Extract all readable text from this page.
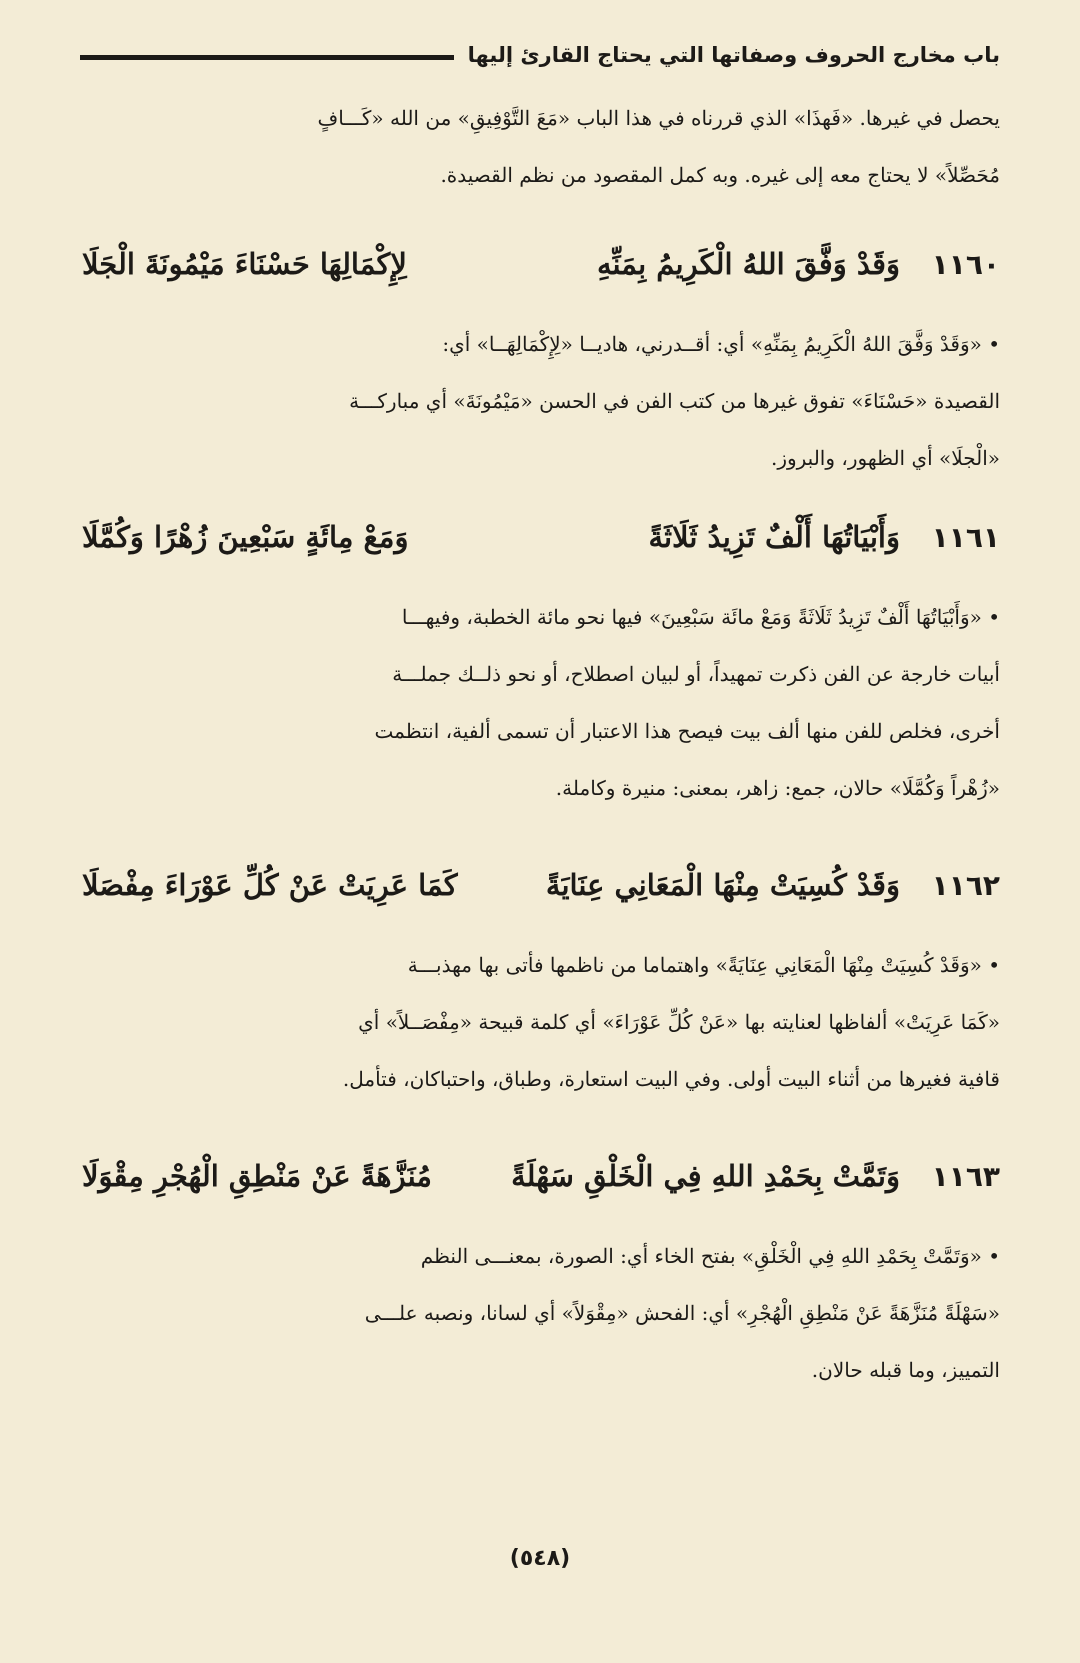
باب مخارج الحروف وصفاتها التي يحتاج القارئ إليها

يحصل في غيرها. «فَهذَا» الذي قررناه في هذا الباب «مَعَ التَّوْفِيقِ» من الله «كَـــافٍ

مُحَصِّلاً» لا يحتاج معه إلى غيره. وبه كمل المقصود من نظم القصيدة.

١١٦٠
وَقَدْ وَفَّقَ اللهُ الْكَرِيمُ بِمَنِّهِ
لِإِكْمَالِهَا حَسْنَاءَ مَيْمُونَةَ الْجَلَا

• «وَقَدْ وَفَّقَ اللهُ الْكَرِيمُ بِمَنِّهِ» أي: أقــدرني، هاديــا «لِإِكْمَالِهَــا» أي:

القصيدة «حَسْنَاءَ» تفوق غيرها من كتب الفن في الحسن «مَيْمُونَةَ» أي مباركـــة

«الْجلَا» أي الظهور، والبروز.

١١٦١
وَأَبْيَاتُهَا أَلْفٌ تَزِيدُ ثَلَاثَةً
وَمَعْ مِائَةٍ سَبْعِينَ زُهْرًا وَكُمَّلَا

• «وَأَبْيَاتُهَا أَلْفٌ تَزِيدُ ثَلَاثَةً وَمَعْ مائَة سَبْعِينَ» فيها نحو مائة الخطبة، وفيهـــا

أبيات خارجة عن الفن ذكرت تمهيداً، أو لبيان اصطلاح، أو نحو ذلــك جملـــة

أخرى، فخلص للفن منها ألف بيت فيصح هذا الاعتبار أن تسمى ألفية، انتظمت

«زُهْراً وَكُمَّلَا» حالان، جمع: زاهر، بمعنى: منيرة وكاملة.

١١٦٢
وَقَدْ كُسِيَتْ مِنْهَا الْمَعَانِي عِنَايَةً
كَمَا عَرِيَتْ عَنْ كُلِّ عَوْرَاءَ مِفْصَلَا

• «وَقَدْ كُسِيَتْ مِنْهَا الْمَعَانِي عِنَايَةً» واهتماما من ناظمها فأتى بها مهذبـــة

«كَمَا عَرِيَتْ» ألفاظها لعنايته بها «عَنْ كُلِّ عَوْرَاءَ» أي كلمة قبيحة «مِفْصَــلاً» أي

قافية فغيرها من أثناء البيت أولى. وفي البيت استعارة، وطباق، واحتباكان، فتأمل.

١١٦٣
وَتَمَّتْ بِحَمْدِ اللهِ فِي الْخَلْقِ سَهْلَةً
مُنَزَّهَةً عَنْ مَنْطِقِ الْهُجْرِ مِقْوَلَا

• «وَتَمَّتْ بِحَمْدِ اللهِ فِي الْخَلْقِ» بفتح الخاء أي: الصورة، بمعنـــى النظم

«سَهْلَةً مُنَزَّهَةً عَنْ مَنْطِقِ الْهُجْرِ» أي: الفحش «مِقْوَلاً» أي لسانا، ونصبه علـــى

التمييز، وما قبله حالان.

(٥٤٨)
